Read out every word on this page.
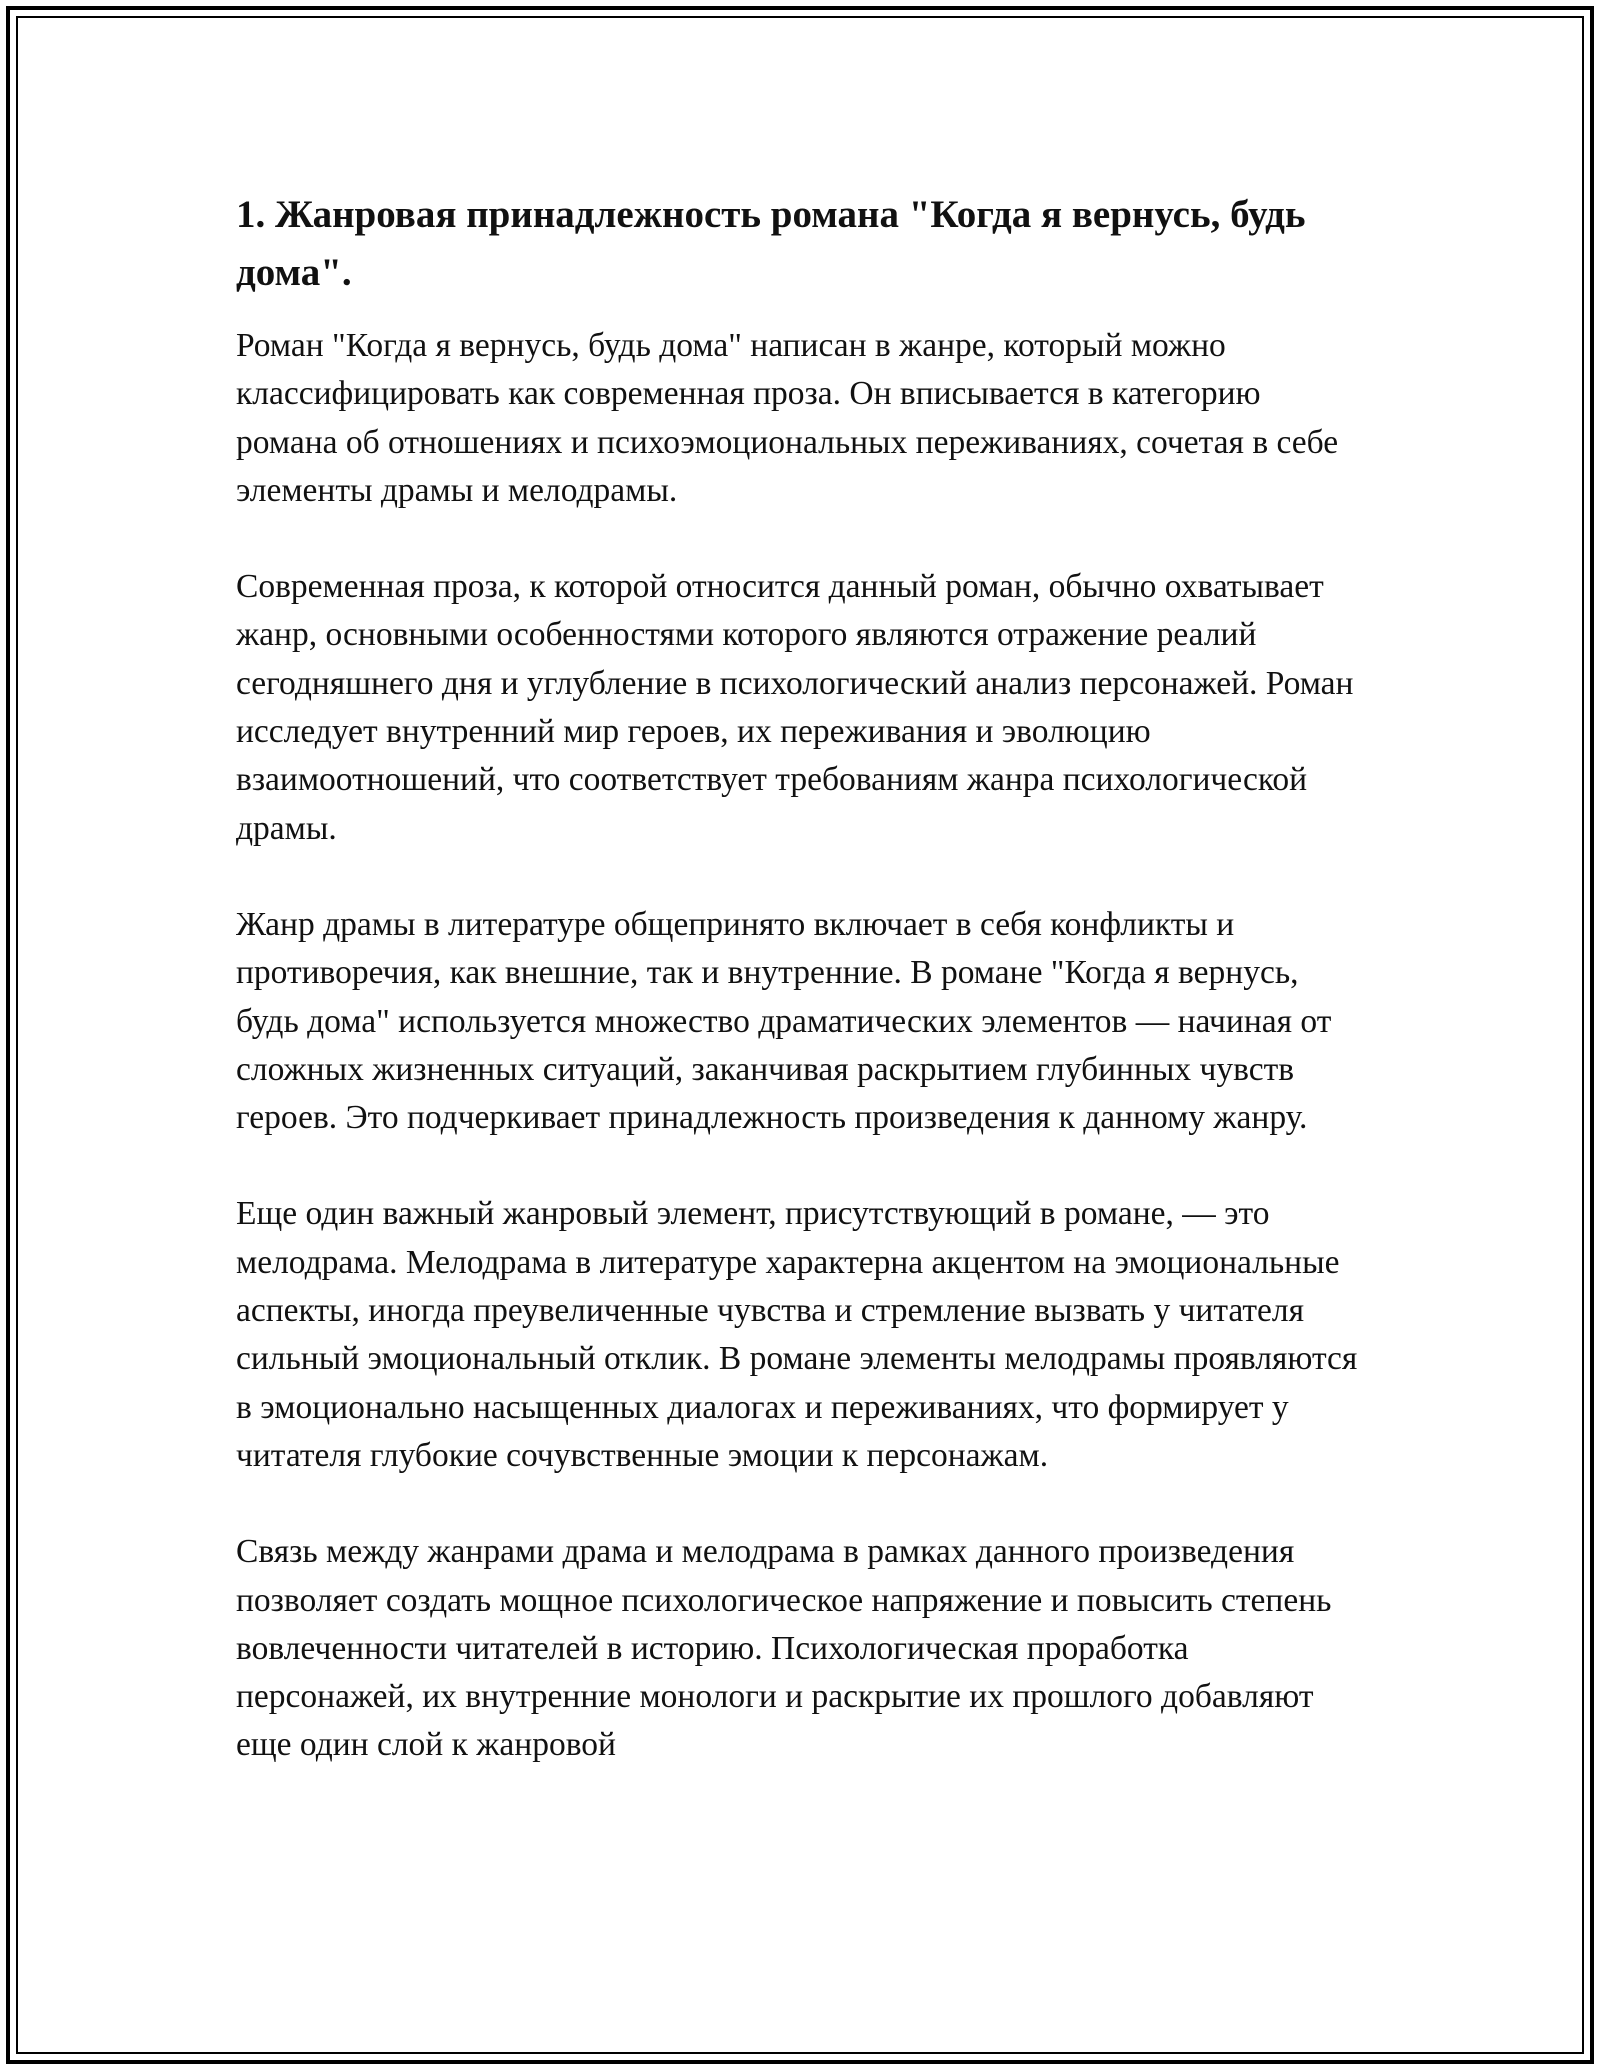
1. Жанровая принадлежность романа "Когда я вернусь, будь дома".

Роман "Когда я вернусь, будь дома" написан в жанре, который можно классифицировать как современная проза. Он вписывается в категорию романа об отношениях и психоэмоциональных переживаниях, сочетая в себе элементы драмы и мелодрамы.

Современная проза, к которой относится данный роман, обычно охватывает жанр, основными особенностями которого являются отражение реалий сегодняшнего дня и углубление в психологический анализ персонажей. Роман исследует внутренний мир героев, их переживания и эволюцию взаимоотношений, что соответствует требованиям жанра психологической драмы.

Жанр драмы в литературе общепринято включает в себя конфликты и противоречия, как внешние, так и внутренние. В романе "Когда я вернусь, будь дома" используется множество драматических элементов — начиная от сложных жизненных ситуаций, заканчивая раскрытием глубинных чувств героев. Это подчеркивает принадлежность произведения к данному жанру.

Еще один важный жанровый элемент, присутствующий в романе, — это мелодрама. Мелодрама в литературе характерна акцентом на эмоциональные аспекты, иногда преувеличенные чувства и стремление вызвать у читателя сильный эмоциональный отклик. В романе элементы мелодрамы проявляются в эмоционально насыщенных диалогах и переживаниях, что формирует у читателя глубокие сочувственные эмоции к персонажам.

Связь между жанрами драма и мелодрама в рамках данного произведения позволяет создать мощное психологическое напряжение и повысить степень вовлеченности читателей в историю. Психологическая проработка персонажей, их внутренние монологи и раскрытие их прошлого добавляют еще один слой к жанровой
